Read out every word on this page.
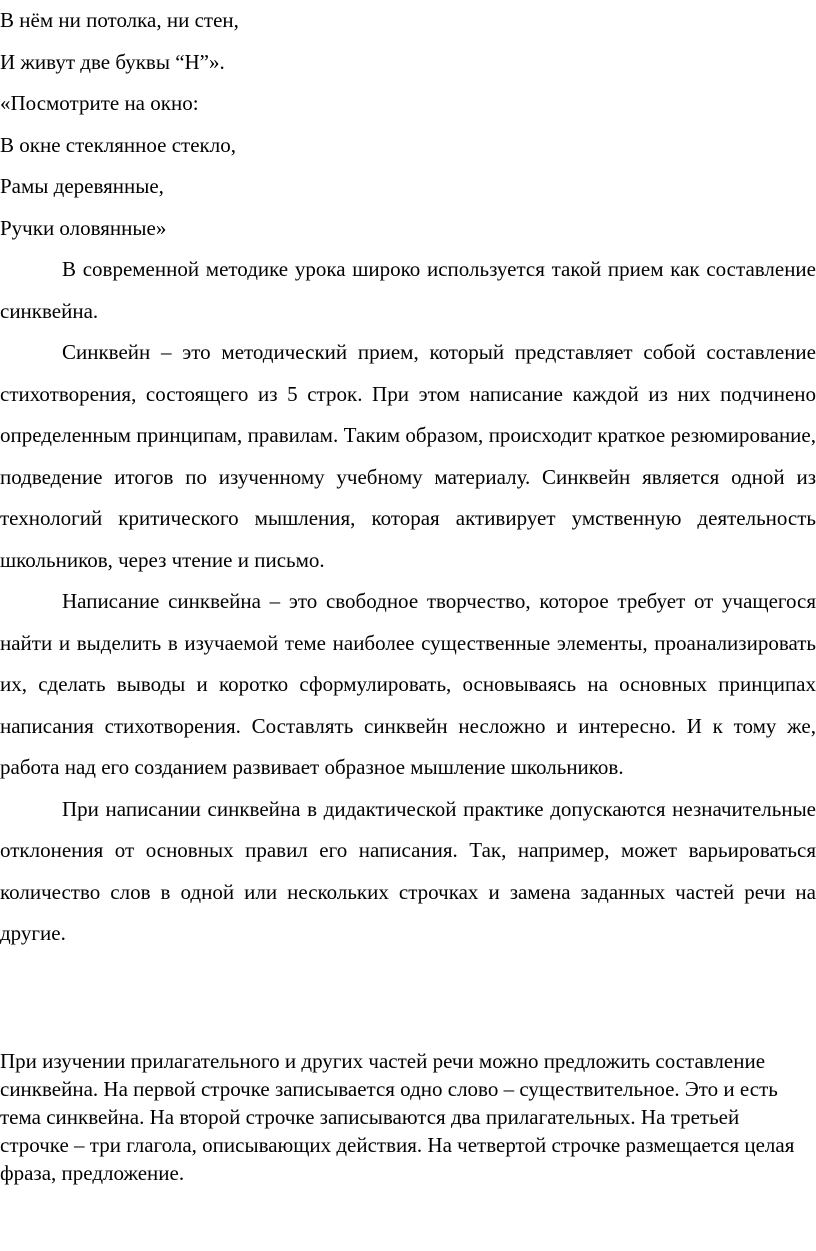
В нём ни потолка, ни стен,
И живут две буквы “Н”».
«Посмотрите на окно:
В окне стеклянное стекло,
Рамы деревянные,
Ручки оловянные»

В современной методике урока широко используется такой прием как составление синквейна.

Синквейн – это методический прием, который представляет собой составление стихотворения, состоящего из 5 строк. При этом написание каждой из них подчинено определенным принципам, правилам. Таким образом, происходит краткое резюмирование, подведение итогов по изученному учебному материалу. Синквейн является одной из технологий критического мышления, которая активирует умственную деятельность школьников, через чтение и письмо.

Написание синквейна – это свободное творчество, которое требует от учащегося найти и выделить в изучаемой теме наиболее существенные элементы, проанализировать их, сделать выводы и коротко сформулировать, основываясь на основных принципах написания стихотворения. Составлять синквейн несложно и интересно. И к тому же, работа над его созданием развивает образное мышление школьников.

При написании синквейна в дидактической практике допускаются незначительные отклонения от основных правил его написания. Так, например, может варьироваться количество слов в одной или нескольких строчках и замена заданных частей речи на другие.

При изучении прилагательного и других частей речи можно предложить составление синквейна. На первой строчке записывается одно слово – существительное. Это и есть тема синквейна. На второй строчке записываются два прилагательных. На третьей строчке – три глагола, описывающих действия. На четвертой строчке размещается целая фраза, предложение.
